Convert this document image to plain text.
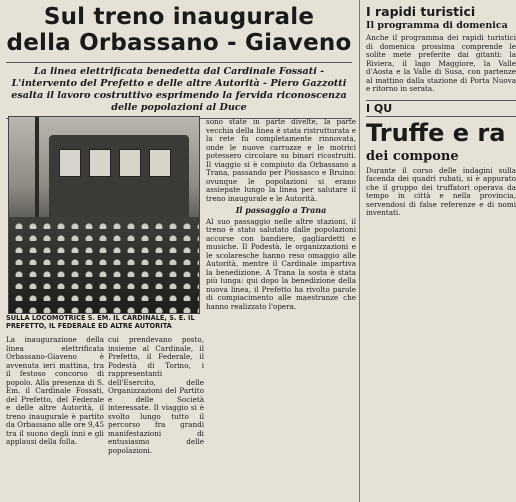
Sul treno inaugurale
della Orbassano - Giaveno
La linea elettrificata benedetta dal Cardinale Fossati - L'intervento del Prefetto e delle altre Autorità - Piero Gazzotti esalta il lavoro costruttivo esprimendo la fervida riconoscenza delle popolazioni al Duce
SULLA LOCOMOTRICE S. EM. IL CARDINALE, S. E. IL PREFETTO, IL FEDERALE ED ALTRE AUTORITÀ

sono state in parte divelte, la parte vecchia della linea è stata ristrutturata e la rete fu completamente rinnovata, onde le nuove carrozze e le motrici potessero circolare su binari ricostruiti. Il viaggio si è compiuto da Orbassano a Trana, passando per Piossasco e Bruino: ovunque le popolazioni si erano assiepate lungo la linea per salutare il treno inaugurale e le Autorità.

Il passaggio a Trana

Al suo passaggio nelle altre stazioni, il treno è stato salutato dalle popolazioni accorse con bandiere, gagliardetti e musiche. Il Podestà, le organizzazioni e le scolaresche hanno reso omaggio alle Autorità, mentre il Cardinale impartiva la benedizione. A Trana la sosta è stata più lunga: qui dopo la benedizione della nuova linea, il Prefetto ha rivolto parole di compiacimento alle maestranze che hanno realizzato l'opera.

La inaugurazione della linea elettrificata Orbassano-Giaveno è avvenuta ieri mattina, tra il festoso concorso di popolo. Alla presenza di S. Em. il Cardinale Fossati, del Prefetto, del Federale e delle altre Autorità, il treno inaugurale è partito da Orbassano alle ore 9,45 tra il suono degli inni e gli applausi della folla.

cui prendevano posto, insieme al Cardinale, il Prefetto, il Federale, il Podestà di Torino, i rappresentanti dell'Esercito, delle Organizzazioni del Partito e delle Società interessate. Il viaggio si è svolto lungo tutto il percorso fra grandi manifestazioni di entusiasmo delle popolazioni.

I rapidi turistici
Il programma di domenica

Anche il programma dei rapidi turistici di domenica prossima comprende le solite mete preferite dai gitanti: la Riviera, il lago Maggiore, la Valle d'Aosta e la Valle di Susa, con partenze al mattino dalla stazione di Porta Nuova e ritorno in serata.

I QU

Truffe e ra

dei compone

Durante il corso delle indagini sulla facenda dei quadri rubati, si è appurato che il gruppo dei truffatori operava da tempo in città e nella provincia, servendosi di false referenze e di nomi inventati.
